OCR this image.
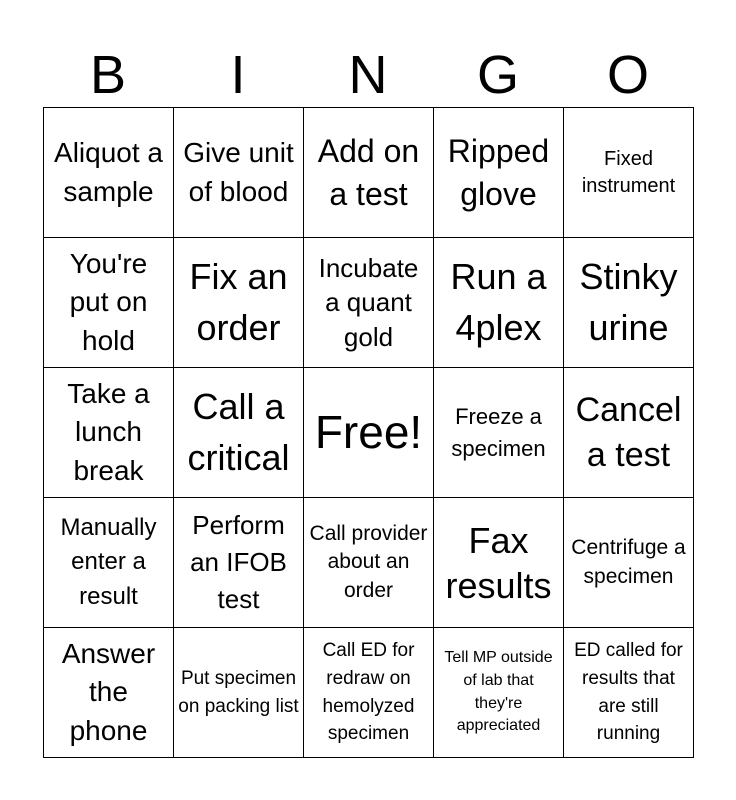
B	I	N	G	O
Aliquot a sample	Give unit of blood	Add on a test	Ripped glove	Fixed instrument

You're put on hold	Fix an order	Incubate a quant gold	Run a 4plex	Stinky urine

Take a lunch break	Call a critical	Free!	Freeze a specimen	Cancel a test

Manually enter a result	Perform an IFOB test	Call provider about an order	Fax results	Centrifuge a specimen

Answer the phone	Put specimen on packing list	Call ED for redraw on hemolyzed specimen	Tell MP outside of lab that they're appreciated	ED called for results that are still running
